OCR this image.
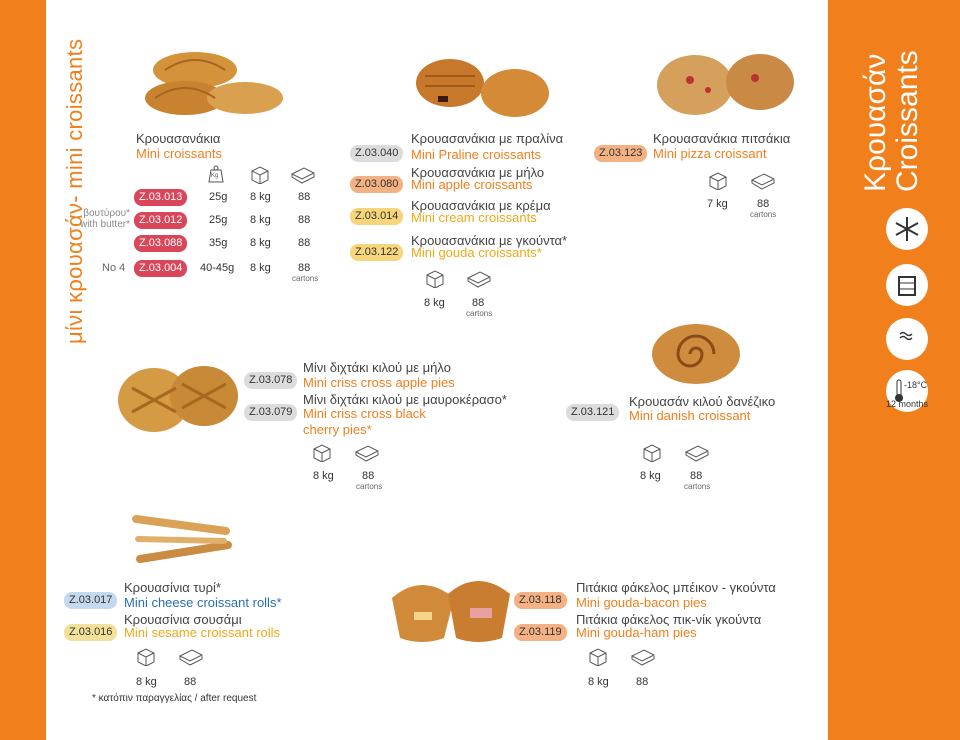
μίνι κρουασάν- mini croissants	Κρουασάν Croissants
170°C
25'
-18°C
12 months
Κρουασανάκια
Mini croissants
Kg
βουτύρου*
with butter*
No 4
Z.03.013	25g 8 kg 88
Z.03.012	25g 8 kg 88
Z.03.088	35g 8 kg 88
Z.03.004	40-45g 8 kg 88
cartons
Z.03.040
Κρουασανάκια με πραλίνα
Mini Praline croissants
Z.03.080
Κρουασανάκια με μήλο
Mini apple croissants
Z.03.014
Κρουασανάκια με κρέμα
Mini cream croissants
Z.03.122
Κρουασανάκια με γκούντα*
Mini gouda croissants*
8 kg 88
cartons
Z.03.123
Κρουασανάκια πιτσάκια
Mini pizza croissant
7 kg	88
cartons
Z.03.078
Μίνι διχτάκι κιλού με μήλο
Mini criss cross apple pies
Z.03.079
Μίνι διχτάκι κιλού με μαυροκέρασο*
Mini criss cross black
cherry pies*
8 kg	88
cartons
Z.03.121
Κρουασάν κιλού δανέζικο
Mini danish croissant
8 kg	88
cartons
Z.03.017
Κρουασίνια τυρί*
Mini cheese croissant rolls*
Z.03.016
Κρουασίνια σουσάμι
Mini sesame croissant rolls
8 kg 88
* κατόπιν παραγγελίας / after request
Z.03.118
Πιτάκια φάκελος μπέικον - γκούντα
Mini gouda-bacon pies
Z.03.119
Πιτάκια φάκελος πικ-νίκ γκούντα
Mini gouda-ham pies
8 kg 88
